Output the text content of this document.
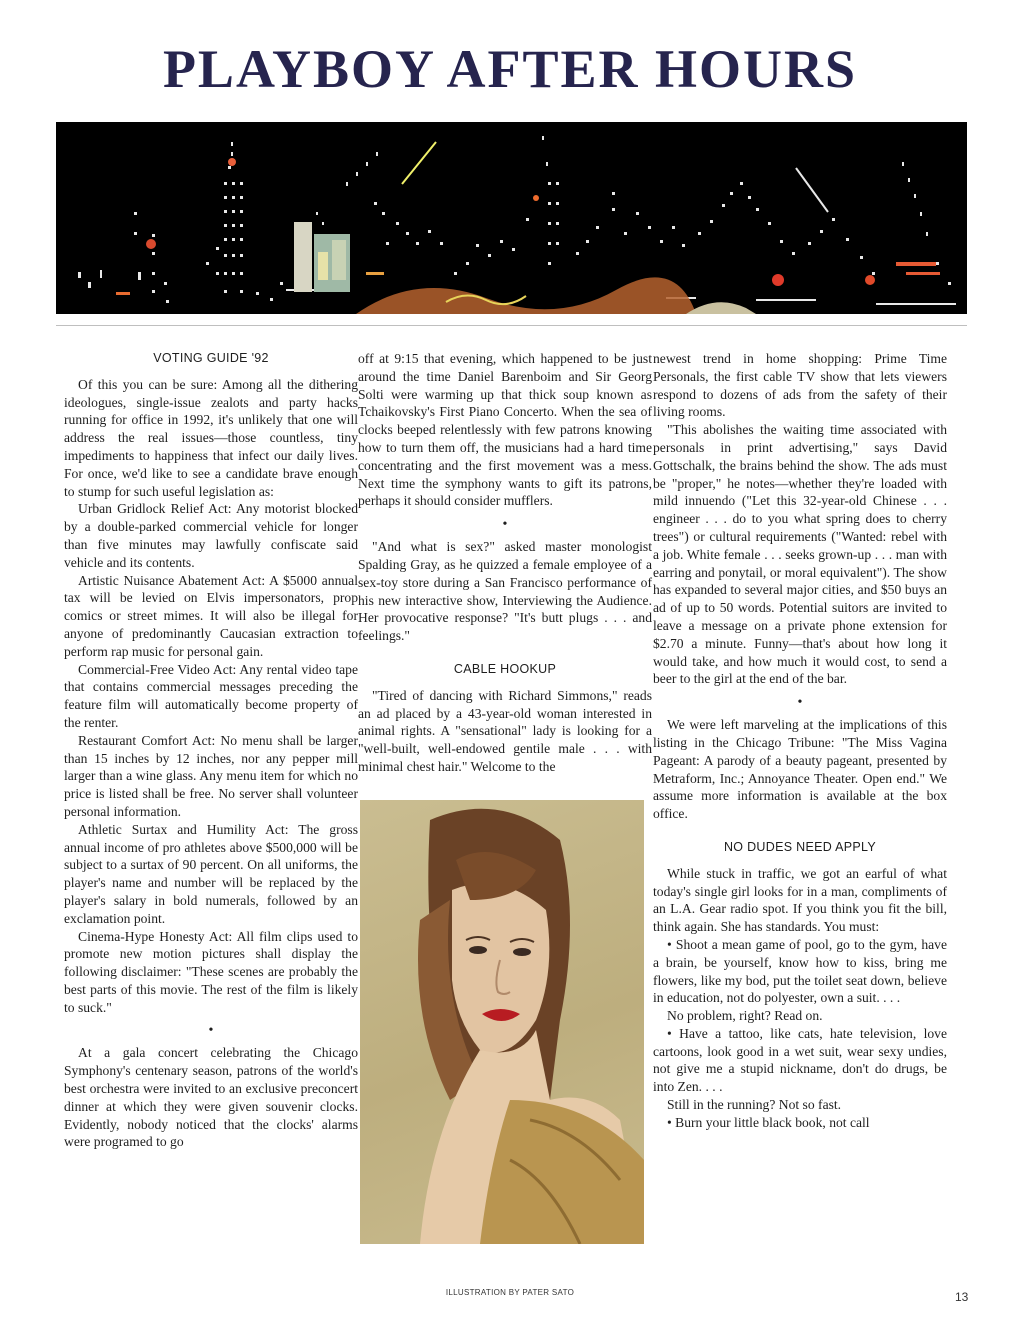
PLAYBOY AFTER HOURS
VOTING GUIDE '92

Of this you can be sure: Among all the dithering ideologues, single-issue zealots and party hacks running for office in 1992, it's unlikely that one will address the real issues—those countless, tiny impediments to happiness that infect our daily lives. For once, we'd like to see a candidate brave enough to stump for such useful legislation as:

Urban Gridlock Relief Act: Any motorist blocked by a double-parked commercial vehicle for longer than five minutes may lawfully confiscate said vehicle and its contents.

Artistic Nuisance Abatement Act: A $5000 annual tax will be levied on Elvis impersonators, prop comics or street mimes. It will also be illegal for anyone of predominantly Caucasian extraction to perform rap music for personal gain.

Commercial-Free Video Act: Any rental video tape that contains commercial messages preceding the feature film will automatically become property of the renter.

Restaurant Comfort Act: No menu shall be larger than 15 inches by 12 inches, nor any pepper mill larger than a wine glass. Any menu item for which no price is listed shall be free. No server shall volunteer personal information.

Athletic Surtax and Humility Act: The gross annual income of pro athletes above $500,000 will be subject to a surtax of 90 percent. On all uniforms, the player's name and number will be replaced by the player's salary in bold numerals, followed by an exclamation point.

Cinema-Hype Honesty Act: All film clips used to promote new motion pictures shall display the following disclaimer: "These scenes are probably the best parts of this movie. The rest of the film is likely to suck."

•

At a gala concert celebrating the Chicago Symphony's centenary season, patrons of the world's best orchestra were invited to an exclusive preconcert dinner at which they were given souvenir clocks. Evidently, nobody noticed that the clocks' alarms were programed to go

off at 9:15 that evening, which happened to be just around the time Daniel Barenboim and Sir Georg Solti were warming up that thick soup known as Tchaikovsky's First Piano Concerto. When the sea of clocks beeped relentlessly with few patrons knowing how to turn them off, the musicians had a hard time concentrating and the first movement was a mess. Next time the symphony wants to gift its patrons, perhaps it should consider mufflers.

•

"And what is sex?" asked master monologist Spalding Gray, as he quizzed a female employee of a sex-toy store during a San Francisco performance of his new interactive show, Interviewing the Audience. Her provocative response? "It's butt plugs . . . and feelings."

CABLE HOOKUP

"Tired of dancing with Richard Simmons," reads an ad placed by a 43-year-old woman interested in animal rights. A "sensational" lady is looking for a "well-built, well-endowed gentile male . . . with minimal chest hair." Welcome to the

newest trend in home shopping: Prime Time Personals, the first cable TV show that lets viewers respond to dozens of ads from the safety of their living rooms.

"This abolishes the waiting time associated with personals in print advertising," says David Gottschalk, the brains behind the show. The ads must be "proper," he notes—whether they're loaded with mild innuendo ("Let this 32-year-old Chinese . . . engineer . . . do to you what spring does to cherry trees") or cultural requirements ("Wanted: rebel with a job. White female . . . seeks grown-up . . . man with earring and ponytail, or moral equivalent"). The show has expanded to several major cities, and $50 buys an ad of up to 50 words. Potential suitors are invited to leave a message on a private phone extension for $2.70 a minute. Funny—that's about how long it would take, and how much it would cost, to send a beer to the girl at the end of the bar.

•

We were left marveling at the implications of this listing in the Chicago Tribune: "The Miss Vagina Pageant: A parody of a beauty pageant, presented by Metraform, Inc.; Annoyance Theater. Open end." We assume more information is available at the box office.

NO DUDES NEED APPLY

While stuck in traffic, we got an earful of what today's single girl looks for in a man, compliments of an L.A. Gear radio spot. If you think you fit the bill, think again. She has standards. You must:

• Shoot a mean game of pool, go to the gym, have a brain, be yourself, know how to kiss, bring me flowers, like my bod, put the toilet seat down, believe in education, not do polyester, own a suit. . . .

No problem, right? Read on.

• Have a tattoo, like cats, hate television, love cartoons, look good in a wet suit, wear sexy undies, not give me a stupid nickname, don't do drugs, be into Zen. . . .

Still in the running? Not so fast.

• Burn your little black book, not call

ILLUSTRATION BY PATER SATO	13
